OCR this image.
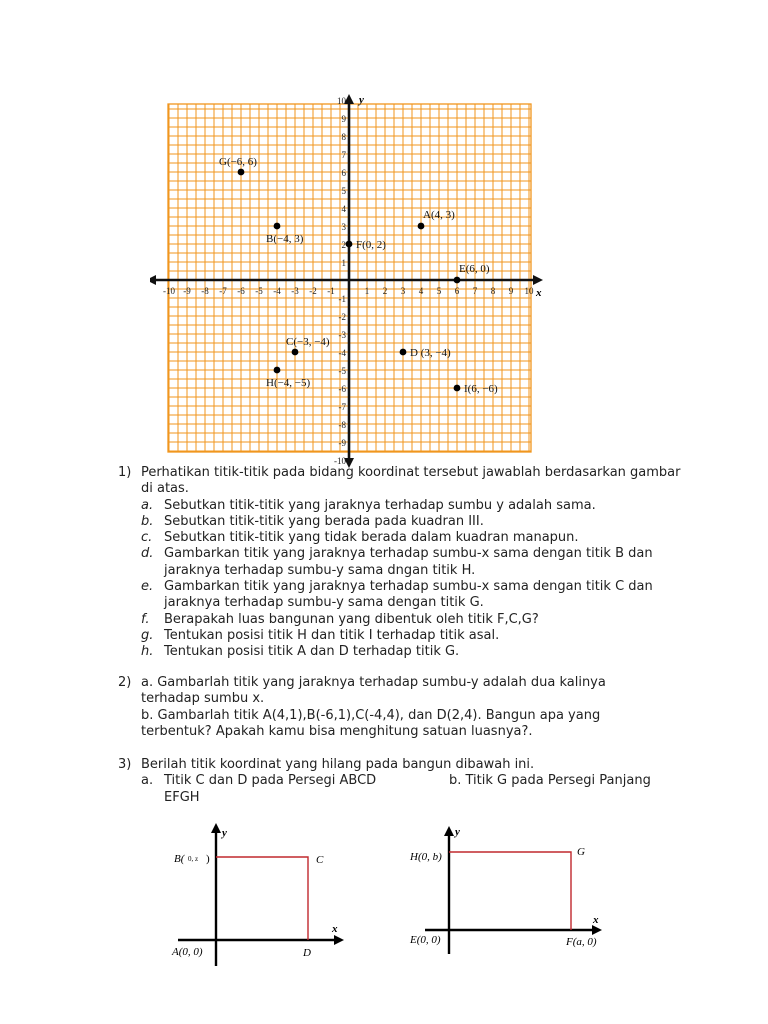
-10 -9 -8 -7 -6 -5 -4 -3 -2 -1	1 2 3 4 5 6 7 8 9 10
10
9
8
7
6
5
4
3
2
1
-1
-2
-3
-4
-5
-6
-7
-8
-9
-10
G(−6, 6)
B(−4, 3)
A(4, 3)
F(0, 2)
E(6, 0)
C(−3, −4)
D (3, −4)
H(−4, −5)	I(6, −6)
y
x
1) Perhatikan titik-titik pada bidang koordinat tersebut jawablah berdasarkan gambar di atas.
a. Sebutkan titik-titik yang jaraknya terhadap sumbu y adalah sama.
b. Sebutkan titik-titik yang berada pada kuadran III.
c. Sebutkan titik-titik yang tidak berada dalam kuadran manapun.
d. Gambarkan titik yang jaraknya terhadap sumbu-x sama dengan titik B dan jaraknya terhadap sumbu-y sama dngan titik H.
e. Gambarkan titik yang jaraknya terhadap sumbu-x sama dengan titik C dan jaraknya terhadap sumbu-y sama dengan titik G.
f. Berapakah luas bangunan yang dibentuk oleh titik F,C,G?
g. Tentukan posisi titik H dan titik I terhadap titik asal.
h. Tentukan posisi titik A dan D terhadap titik G.
2) a. Gambarlah titik yang jaraknya terhadap sumbu-y adalah dua kalinya terhadap sumbu x.
b. Gambarlah titik A(4,1),B(-6,1),C(-4,4), dan D(2,4). Bangun apa yang terbentuk? Apakah kamu bisa menghitung satuan luasnya?.
3) Berilah titik koordinat yang hilang pada bangun dibawah ini.
a. Titik C dan D pada Persegi ABCD	b. Titik G pada Persegi Panjang
EFGH
y
x
B( 0, z )	C
A(0, 0)	D
y
x
H(0, b)	G
E(0, 0)	F(a, 0)
